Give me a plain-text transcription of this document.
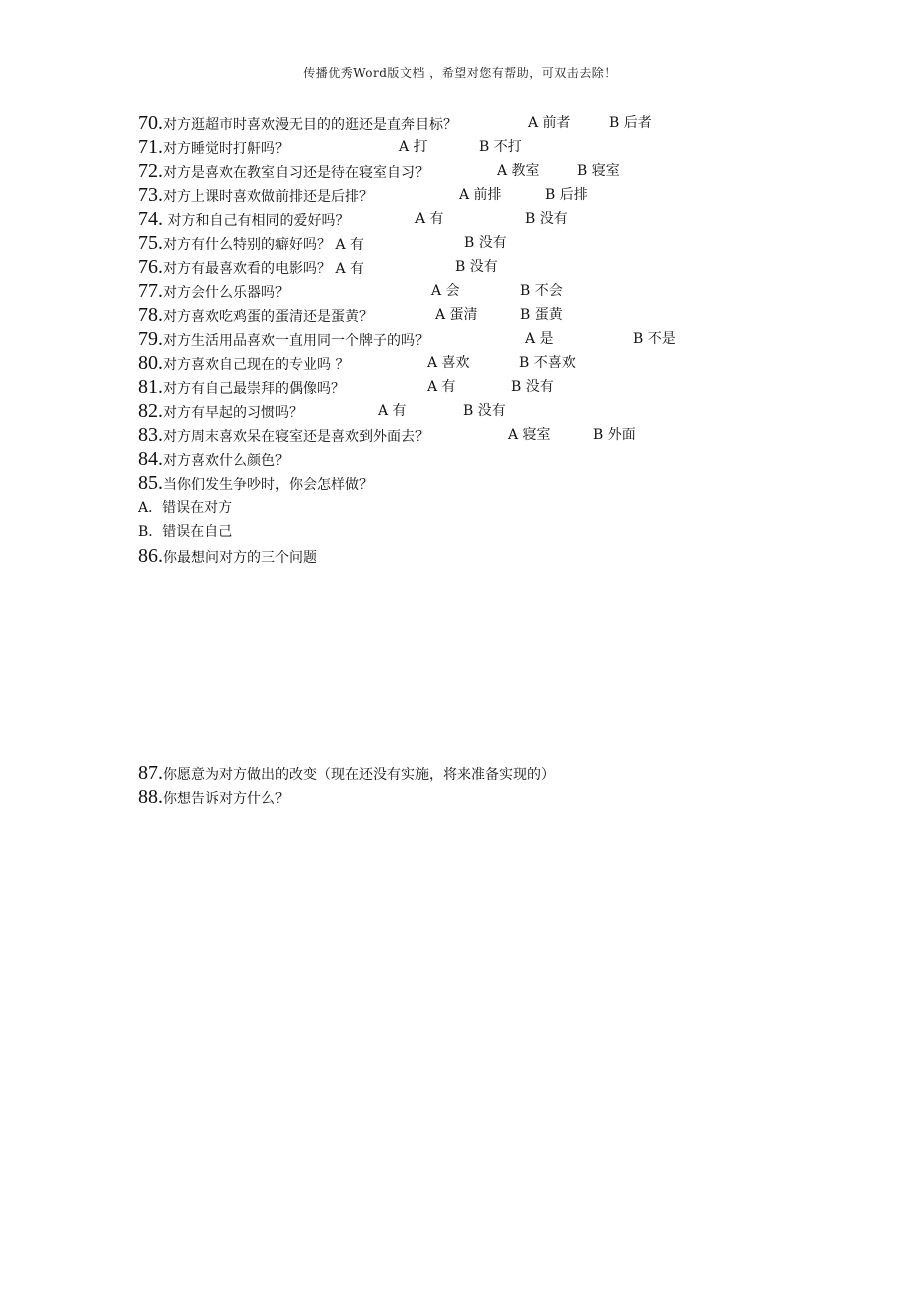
传播优秀Word版文档 ，希望对您有帮助，可双击去除！
70.对方逛超市时喜欢漫无目的的逛还是直奔目标？	A 前者	B 后者
71.对方睡觉时打鼾吗？	A 打	B 不打
72.对方是喜欢在教室自习还是待在寝室自习？	A 教室	B 寝室
73.对方上课时喜欢做前排还是后排？	A 前排	B 后排
74. 对方和自己有相同的爱好吗？	A 有	B 没有
75.对方有什么特别的癖好吗？ A 有	B 没有
76.对方有最喜欢看的电影吗？ A 有	B 没有
77.对方会什么乐器吗？	A 会	B 不会
78.对方喜欢吃鸡蛋的蛋清还是蛋黄？	A 蛋清	B 蛋黄
79.对方生活用品喜欢一直用同一个牌子的吗？	A 是	B 不是
80.对方喜欢自己现在的专业吗 ？	A 喜欢	B 不喜欢
81.对方有自己最崇拜的偶像吗？	A 有	B 没有
82.对方有早起的习惯吗？	A 有	B 没有
83.对方周末喜欢呆在寝室还是喜欢到外面去？	A 寝室	B 外面
84.对方喜欢什么颜色？
85.当你们发生争吵时，你会怎样做？
A．错误在对方
B．错误在自己
86.你最想问对方的三个问题
87.你愿意为对方做出的改变（现在还没有实施，将来准备实现的）
88.你想告诉对方什么？
